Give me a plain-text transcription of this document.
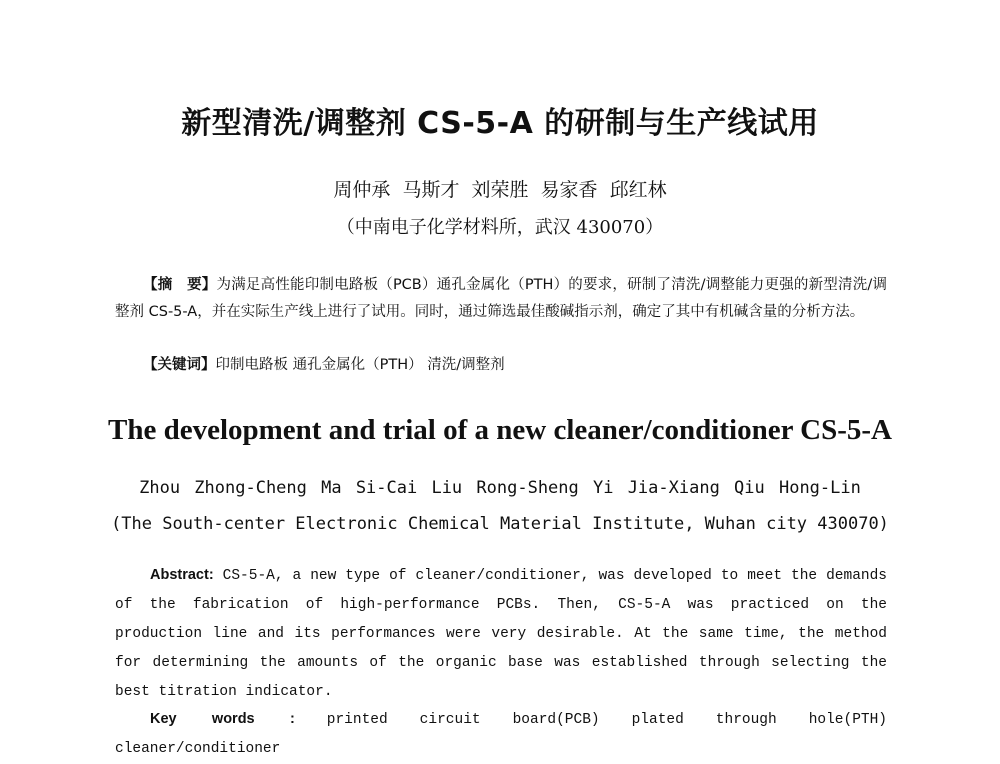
新型清洗/调整剂 CS-5-A 的研制与生产线试用
周仲承 马斯才 刘荣胜 易家香 邱红林
（中南电子化学材料所，武汉 430070）
【摘　要】为满足高性能印制电路板（PCB）通孔金属化（PTH）的要求，研制了清洗/调整能力更强的新型清洗/调整剂 CS-5-A，并在实际生产线上进行了试用。同时，通过筛选最佳酸碱指示剂，确定了其中有机碱含量的分析方法。
【关键词】印制电路板 通孔金属化（PTH） 清洗/调整剂
The development and trial of a new cleaner/conditioner CS-5-A
Zhou Zhong-Cheng Ma Si-Cai Liu Rong-Sheng Yi Jia-Xiang Qiu Hong-Lin
(The South-center Electronic Chemical Material Institute, Wuhan city 430070)
Abstract: CS-5-A, a new type of cleaner/conditioner, was developed to meet the demands of the fabrication of high-performance PCBs. Then, CS-5-A was practiced on the production line and its performances were very desirable. At the same time, the method for determining the amounts of the organic base was established through selecting the best titration indicator.
Key words : printed circuit board(PCB) plated through hole(PTH) cleaner/conditioner
